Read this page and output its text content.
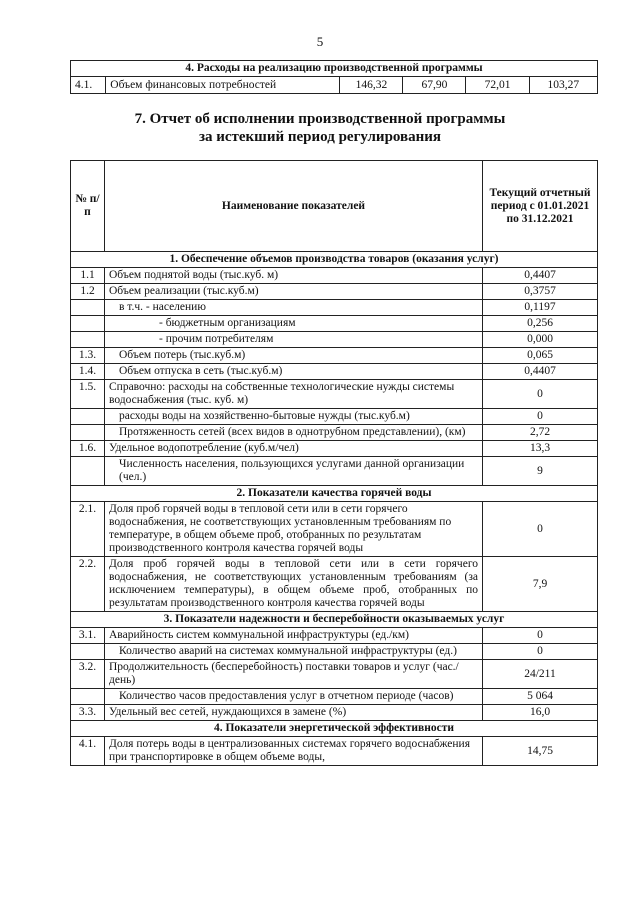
5
4. Расходы на реализацию производственной программы
4.1.	Объем финансовых потребностей	146,32	67,90	72,01	103,27
7. Отчет об исполнении производственной программы
за истекший период регулирования
№ п/п	Наименование показателей	Текущий отчетный период с 01.01.2021 по 31.12.2021
1. Обеспечение объемов производства товаров (оказания услуг)		
1.1	Объем поднятой воды (тыс.куб. м)	0,4407
1.2	Объем реализации (тыс.куб.м)	0,3757
	в т.ч. - населению	0,1197
	- бюджетным организациям	0,256
	- прочим потребителям	0,000
1.3.	Объем потерь (тыс.куб.м)	0,065
1.4.	Объем отпуска в сеть (тыс.куб.м)	0,4407
1.5.	Справочно: расходы на собственные технологические нужды системы водоснабжения (тыс. куб. м)	0
	расходы воды на хозяйственно-бытовые нужды (тыс.куб.м)	0
	Протяженность сетей (всех видов в однотрубном представлении), (км)	2,72
1.6.	Удельное водопотребление (куб.м/чел)	13,3
	Численность населения, пользующихся услугами данной организации (чел.)	9
2. Показатели качества горячей воды		
2.1.	Доля проб горячей воды в тепловой сети или в сети горячего водоснабжения, не соответствующих установленным требованиям по температуре, в общем объеме проб, отобранных по результатам производственного контроля качества горячей воды	0
2.2.	Доля проб горячей воды в тепловой сети или в сети горячего водоснабжения, не соответствующих установленным требованиям (за исключением температуры), в общем объеме проб, отобранных по результатам производственного контроля качества горячей воды	7,9
3. Показатели надежности и бесперебойности оказываемых услуг		
3.1.	Аварийность систем коммунальной инфраструктуры (ед./км)	0
	Количество аварий на системах коммунальной инфраструктуры (ед.)	0
3.2.	Продолжительность (бесперебойность) поставки товаров и услуг (час./день)	24/211
	Количество часов предоставления услуг в отчетном периоде (часов)	5 064
3.3.	Удельный вес сетей, нуждающихся в замене (%)	16,0
4. Показатели энергетической эффективности		
4.1.	Доля потерь воды в централизованных системах горячего водоснабжения при транспортировке в общем объеме воды,	14,75
